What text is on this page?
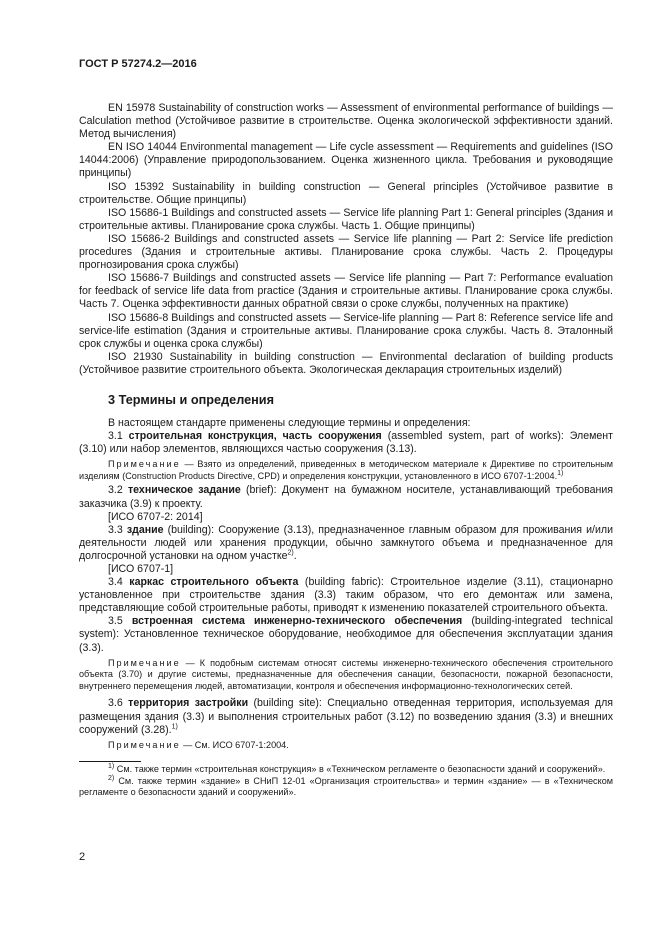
ГОСТ Р 57274.2—2016

EN 15978 Sustainability of construction works — Assessment of environmental performance of buildings — Calculation method (Устойчивое развитие в строительстве. Оценка экологической эффективности зданий. Метод вычисления)

EN ISO 14044 Environmental management — Life cycle assessment — Requirements and guidelines (ISO 14044:2006) (Управление природопользованием. Оценка жизненного цикла. Требования и руководящие принципы)

ISO 15392 Sustainability in building construction — General principles (Устойчивое развитие в строительстве. Общие принципы)

ISO 15686-1 Buildings and constructed assets — Service life planning Part 1: General principles (Здания и строительные активы. Планирование срока службы. Часть 1. Общие принципы)

ISO 15686-2 Buildings and constructed assets — Service life planning — Part 2: Service life prediction procedures (Здания и строительные активы. Планирование срока службы. Часть 2. Процедуры прогнозирования срока службы)

ISO 15686-7 Buildings and constructed assets — Service life planning — Part 7: Performance evaluation for feedback of service life data from practice (Здания и строительные активы. Планирование срока службы. Часть 7. Оценка эффективности данных обратной связи о сроке службы, полученных на практике)

ISO 15686-8 Buildings and constructed assets — Service-life planning — Part 8: Reference service life and service-life estimation (Здания и строительные активы. Планирование срока службы. Часть 8. Эталонный срок службы и оценка срока службы)

ISO 21930 Sustainability in building construction — Environmental declaration of building products (Устойчивое развитие строительного объекта. Экологическая декларация строительных изделий)

3 Термины и определения

В настоящем стандарте применены следующие термины и определения:

3.1 строительная конструкция, часть сооружения (assembled system, part of works): Элемент (3.10) или набор элементов, являющихся частью сооружения (3.13).

Примечание — Взято из определений, приведенных в методическом материале к Директиве по строительным изделиям (Construction Products Directive, CPD) и определения конструкции, установленного в ИСО 6707-1:2004.$^{1)}$

3.2 техническое задание (brief): Документ на бумажном носителе, устанавливающий требования заказчика (3.9) к проекту.

[ИСО 6707-2: 2014]

3.3 здание (building): Сооружение (3.13), предназначенное главным образом для проживания и/или деятельности людей или хранения продукции, обычно замкнутого объема и предназначенное для долгосрочной установки на одном участке$^{2)}$.

[ИСО 6707-1]

3.4 каркас строительного объекта (building fabric): Строительное изделие (3.11), стационарно установленное при строительстве здания (3.3) таким образом, что его демонтаж или замена, представляющие собой строительные работы, приводят к изменению показателей строительного объекта.

3.5 встроенная система инженерно-технического обеспечения (building-integrated technical system): Установленное техническое оборудование, необходимое для обеспечения эксплуатации здания (3.3).

Примечание — К подобным системам относят системы инженерно-технического обеспечения строительного объекта (3.70) и другие системы, предназначенные для обеспечения санации, безопасности, пожарной безопасности, внутреннего перемещения людей, автоматизации, контроля и обеспечения информационно-технологических сетей.

3.6 территория застройки (building site): Специально отведенная территория, используемая для размещения здания (3.3) и выполнения строительных работ (3.12) по возведению здания (3.3) и внешних сооружений (3.28).$^{1)}$

Примечание — См. ИСО 6707-1:2004.

$^{1)}$ См. также термин «строительная конструкция» в «Техническом регламенте о безопасности зданий и сооружений».

$^{2)}$ См. также термин «здание» в СНиП 12-01 «Организация строительства» и термин «здание» — в «Техническом регламенте о безопасности зданий и сооружений».

2
